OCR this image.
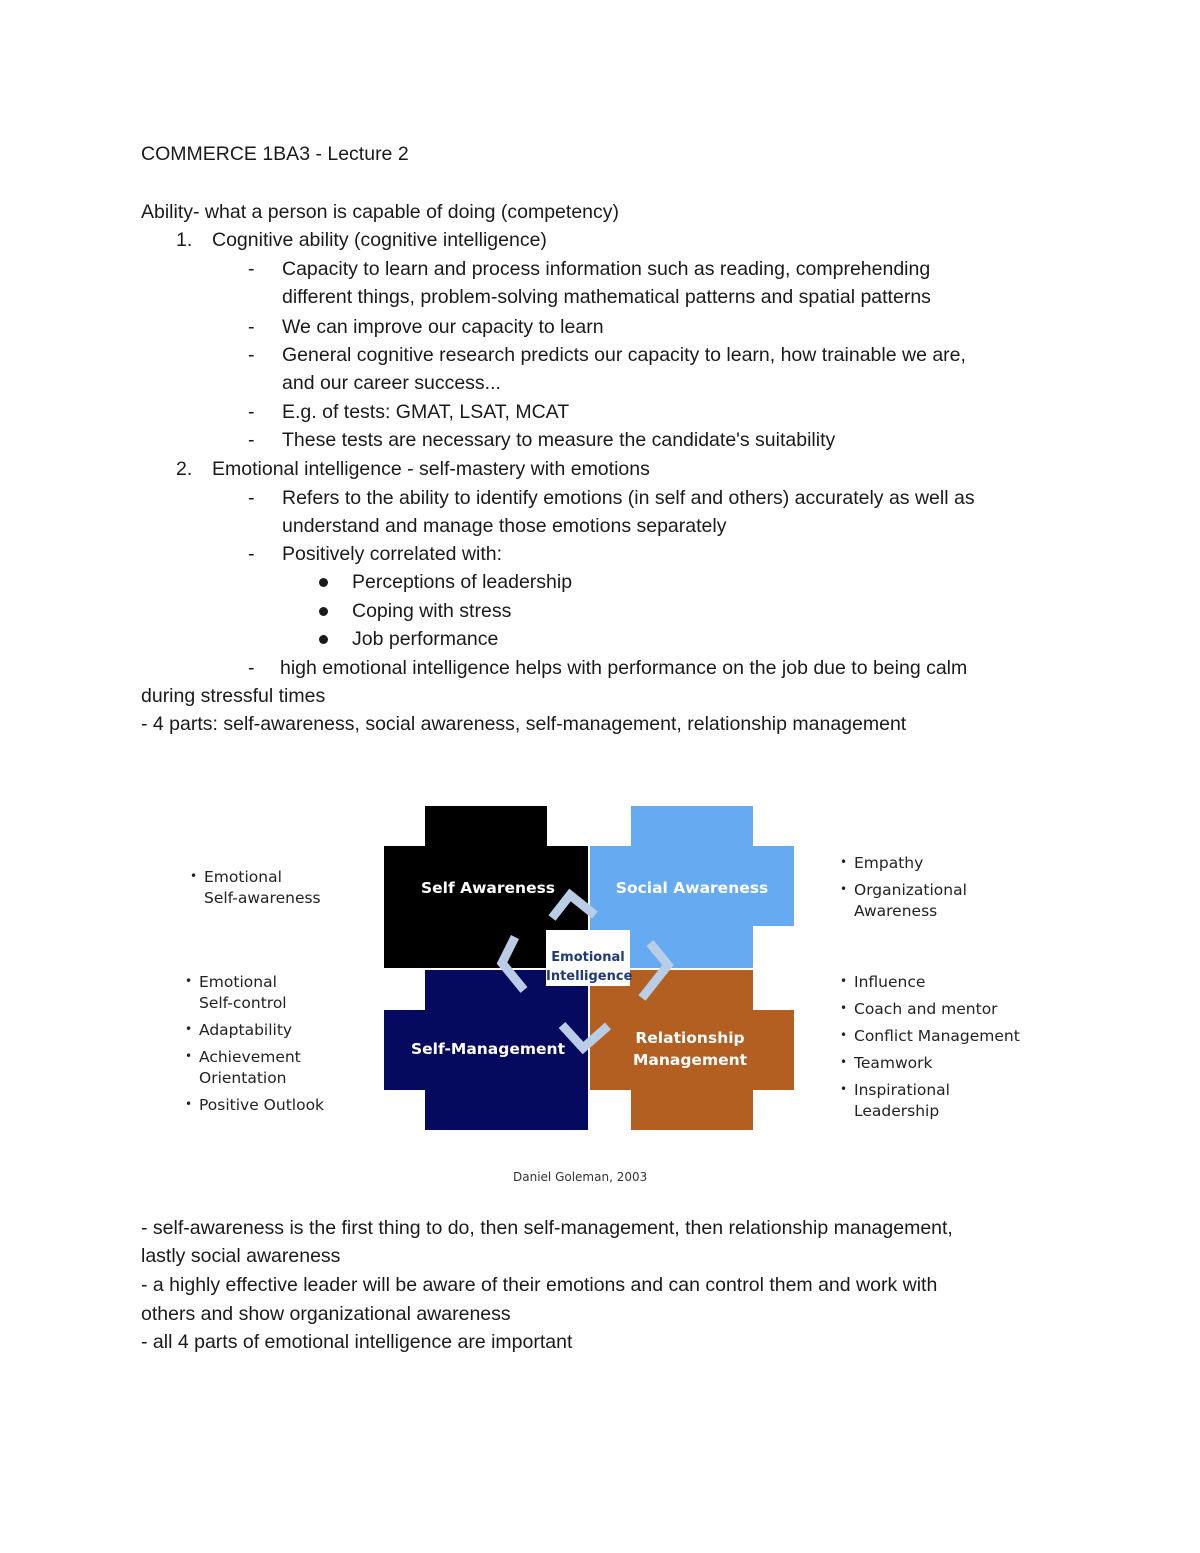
COMMERCE 1BA3 - Lecture 2
Ability- what a person is capable of doing (competency)
1. Cognitive ability (cognitive intelligence)
- Capacity to learn and process information such as reading, comprehending
different things, problem-solving mathematical patterns and spatial patterns
- We can improve our capacity to learn
- General cognitive research predicts our capacity to learn, how trainable we are,
and our career success...
- E.g. of tests: GMAT, LSAT, MCAT
- These tests are necessary to measure the candidate's suitability
2. Emotional intelligence - self-mastery with emotions
- Refers to the ability to identify emotions (in self and others) accurately as well as
understand and manage those emotions separately
- Positively correlated with:
Perceptions of leadership
Coping with stress
Job performance
- high emotional intelligence helps with performance on the job due to being calm
during stressful times
- 4 parts: self-awareness, social awareness, self-management, relationship management
Self Awareness	Social Awareness
Self-Management
Relationship
Management
Emotional
Intelligence
• Emotional
Self-awareness
• Emotional
Self-control
• Adaptability
• Achievement
Orientation
• Positive Outlook
• Empathy
• Organizational
Awareness
• Influence
• Coach and mentor
• Conflict Management
• Teamwork
• Inspirational
Leadership
Daniel Goleman, 2003
- self-awareness is the first thing to do, then self-management, then relationship management,
lastly social awareness
- a highly effective leader will be aware of their emotions and can control them and work with
others and show organizational awareness
- all 4 parts of emotional intelligence are important
